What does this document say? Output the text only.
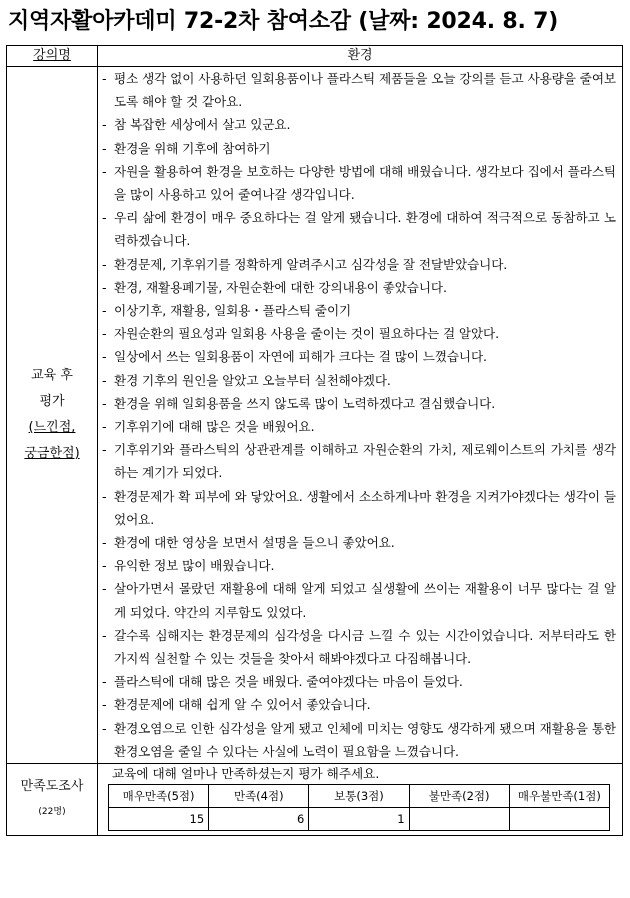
지역자활아카데미 72-2차 참여소감 (날짜: 2024. 8. 7)
강의명	환경

교육 후
평가
(느낀점,
궁금한점)

- 평소 생각 없이 사용하던 일회용품이나 플라스틱 제품들을 오늘 강의를 듣고 사용량을 줄여보도록 해야 할 것 같아요.
- 참 복잡한 세상에서 살고 있군요.
- 환경을 위해 기후에 참여하기
- 자원을 활용하여 환경을 보호하는 다양한 방법에 대해 배웠습니다. 생각보다 집에서 플라스틱을 많이 사용하고 있어 줄여나갈 생각입니다.
- 우리 삶에 환경이 매우 중요하다는 걸 알게 됐습니다. 환경에 대하여 적극적으로 동참하고 노력하겠습니다.
- 환경문제, 기후위기를 정확하게 알려주시고 심각성을 잘 전달받았습니다.
- 환경, 재활용폐기물, 자원순환에 대한 강의내용이 좋았습니다.
- 이상기후, 재활용, 일회용・플라스틱 줄이기
- 자원순환의 필요성과 일회용 사용을 줄이는 것이 필요하다는 걸 알았다.
- 일상에서 쓰는 일회용품이 자연에 피해가 크다는 걸 많이 느꼈습니다.
- 환경 기후의 원인을 알았고 오늘부터 실천해야겠다.
- 환경을 위해 일회용품을 쓰지 않도록 많이 노력하겠다고 결심했습니다.
- 기후위기에 대해 많은 것을 배웠어요.
- 기후위기와 플라스틱의 상관관계를 이해하고 자원순환의 가치, 제로웨이스트의 가치를 생각하는 계기가 되었다.
- 환경문제가 확 피부에 와 닿았어요. 생활에서 소소하게나마 환경을 지켜가야겠다는 생각이 들었어요.
- 환경에 대한 영상을 보면서 설명을 들으니 좋았어요.
- 유익한 정보 많이 배웠습니다.
- 살아가면서 몰랐던 재활용에 대해 알게 되었고 실생활에 쓰이는 재활용이 너무 많다는 걸 알게 되었다. 약간의 지루함도 있었다.
- 갈수록 심해지는 환경문제의 심각성을 다시금 느낄 수 있는 시간이었습니다. 저부터라도 한 가지씩 실천할 수 있는 것들을 찾아서 해봐야겠다고 다짐해봅니다.
- 플라스틱에 대해 많은 것을 배웠다. 줄여야겠다는 마음이 들었다.
- 환경문제에 대해 쉽게 알 수 있어서 좋았습니다.
- 환경오염으로 인한 심각성을 알게 됐고 인체에 미치는 영향도 생각하게 됐으며 재활용을 통한 환경오염을 줄일 수 있다는 사실에 노력이 필요함을 느꼈습니다.

만족도조사
(22명)

교육에 대해 얼마나 만족하셨는지 평가 해주세요.
매우만족(5점)	만족(4점)	보통(3점)	불만족(2점)	매우불만족(1점)
15	6	1		
